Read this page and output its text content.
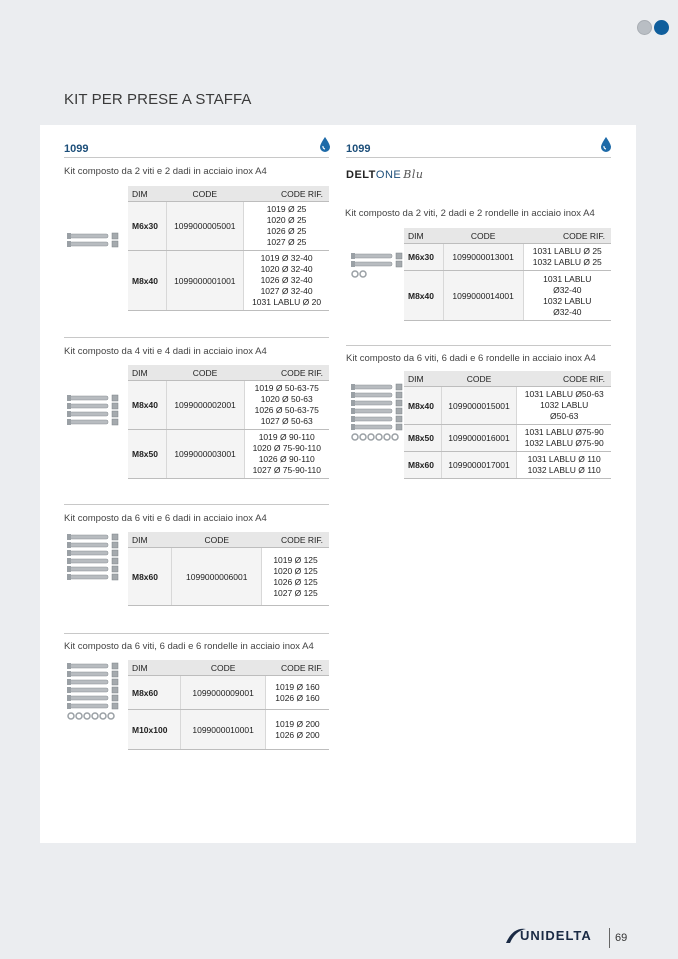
KIT PER PRESE A STAFFA
1099	1099
DELTONE Blu
Kit composto da 2 viti e 2 dadi in acciaio inox A4
DIM	CODE	CODE RIF.
M6x30	1099000005001	1019 Ø 25
1020 Ø 25
1026 Ø 25
1027 Ø 25

M8x40	1099000001001	1019 Ø 32-40
1020 Ø 32-40
1026 Ø 32-40
1027 Ø 32-40
1031 LABLU Ø 20
Kit composto da 4 viti e 4 dadi in acciaio inox A4
DIM	CODE	CODE RIF.
M8x40	1099000002001	1019 Ø 50-63-75
1020 Ø 50-63
1026 Ø 50-63-75
1027 Ø 50-63

M8x50	1099000003001	1019 Ø 90-110
1020 Ø 75-90-110
1026 Ø 90-110
1027 Ø 75-90-110
Kit composto da 6 viti e 6 dadi in acciaio inox A4
DIM	CODE	CODE RIF.
M8x60	1099000006001	1019 Ø 125
1020 Ø 125
1026 Ø 125
1027 Ø 125
Kit composto da 6 viti, 6 dadi e 6 rondelle in acciaio inox A4
DIM	CODE	CODE RIF.
M8x60	1099000009001	1019 Ø 160
1026 Ø 160

M10x100	1099000010001	1019 Ø 200
1026 Ø 200
Kit composto da 2 viti, 2 dadi e 2 rondelle in acciaio inox A4
DIM	CODE	CODE RIF.
M6x30	1099000013001	1031 LABLU Ø 25
1032 LABLU Ø 25

M8x40	1099000014001	1031 LABLU
Ø32-40
1032 LABLU
Ø32-40
Kit composto da 6 viti, 6 dadi e 6 rondelle in acciaio inox A4
DIM	CODE	CODE RIF.
M8x40	1099000015001	1031 LABLU Ø50-63
1032 LABLU
Ø50-63

M8x50	1099000016001	1031 LABLU Ø75-90
1032 LABLU Ø75-90

M8x60	1099000017001	1031 LABLU Ø 110
1032 LABLU Ø 110
UNIDELTA 69
